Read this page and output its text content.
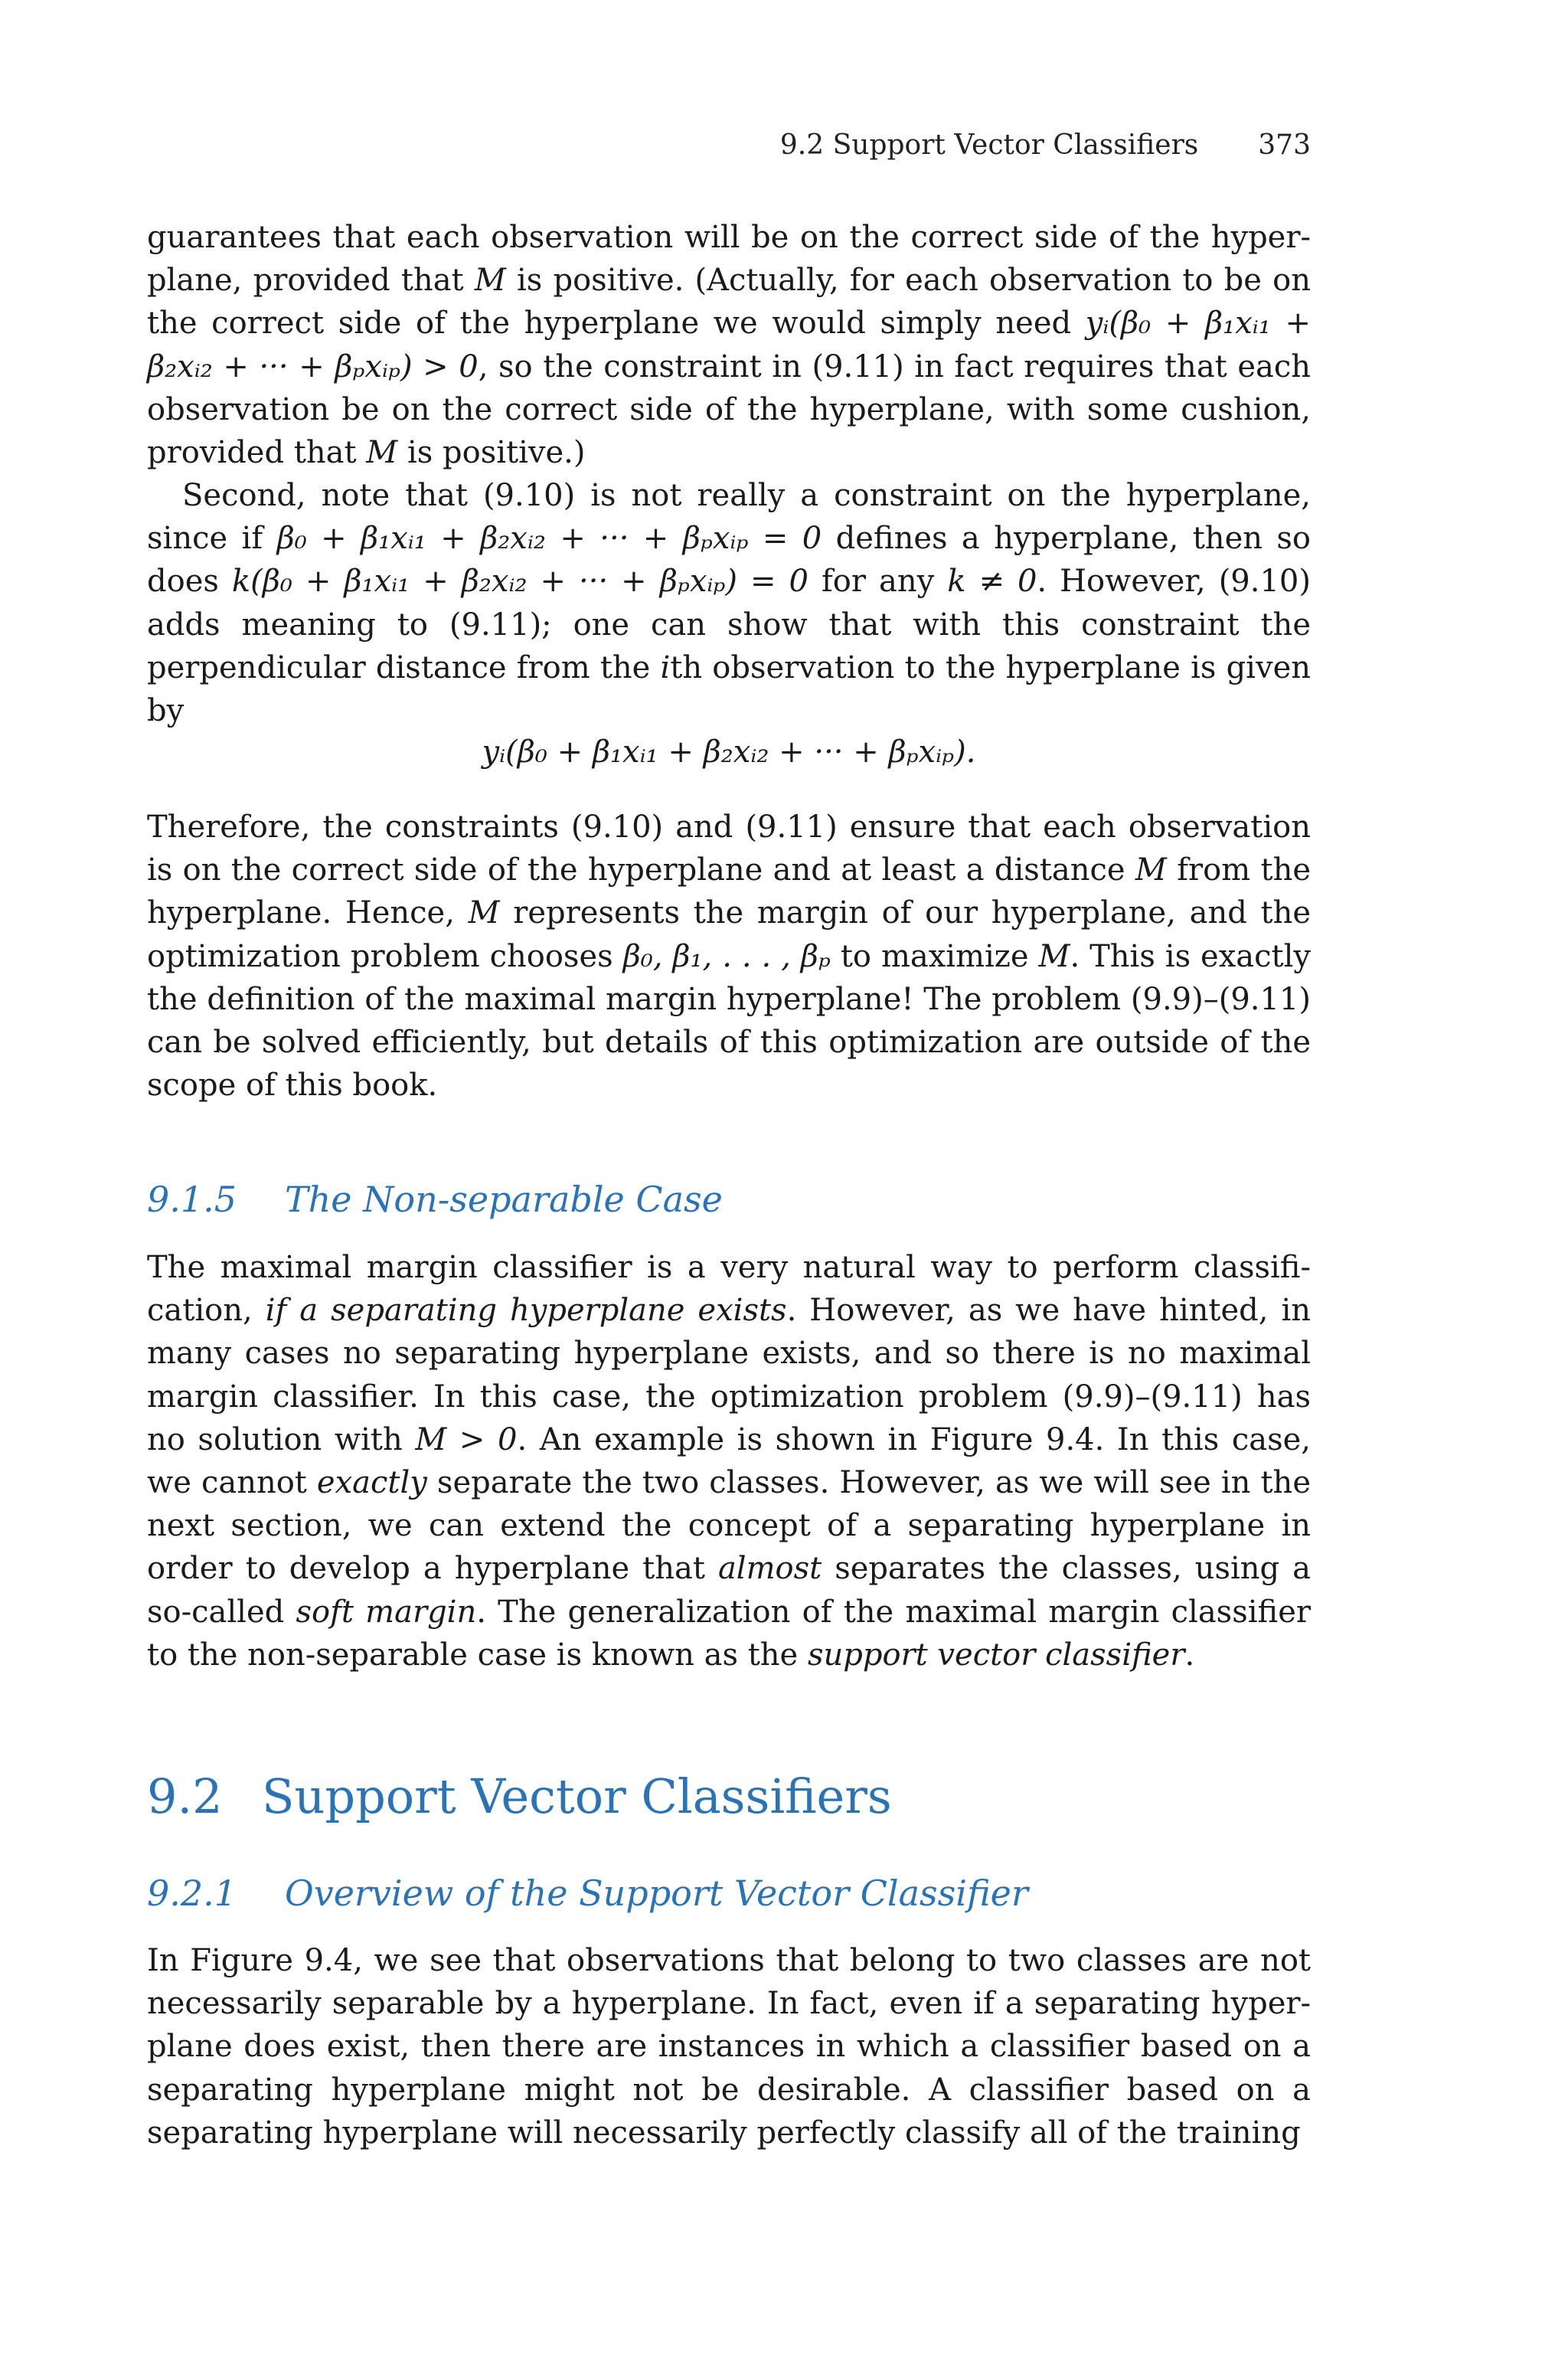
9.2 Support Vector Classifiers 373

guarantees that each observation will be on the correct side of the hyper-plane, provided that M is positive. (Actually, for each observation to be on the correct side of the hyperplane we would simply need yᵢ(β₀ + β₁xᵢ₁ + β₂xᵢ₂ + ··· + βₚxᵢₚ) > 0, so the constraint in (9.11) in fact requires that each observation be on the correct side of the hyperplane, with some cushion, provided that M is positive.)

Second, note that (9.10) is not really a constraint on the hyperplane, since if β₀ + β₁xᵢ₁ + β₂xᵢ₂ + ··· + βₚxᵢₚ = 0 defines a hyperplane, then so does k(β₀ + β₁xᵢ₁ + β₂xᵢ₂ + ··· + βₚxᵢₚ) = 0 for any k ≠ 0. However, (9.10) adds meaning to (9.11); one can show that with this constraint the perpendicular distance from the ith observation to the hyperplane is given by

yᵢ(β₀ + β₁xᵢ₁ + β₂xᵢ₂ + ··· + βₚxᵢₚ).

Therefore, the constraints (9.10) and (9.11) ensure that each observation is on the correct side of the hyperplane and at least a distance M from the hyperplane. Hence, M represents the margin of our hyperplane, and the optimization problem chooses β₀, β₁, . . . , βₚ to maximize M. This is exactly the definition of the maximal margin hyperplane! The problem (9.9)–(9.11) can be solved efficiently, but details of this optimization are outside of the scope of this book.

9.1.5 The Non-separable Case

The maximal margin classifier is a very natural way to perform classifi-cation, if a separating hyperplane exists. However, as we have hinted, in many cases no separating hyperplane exists, and so there is no maximal margin classifier. In this case, the optimization problem (9.9)–(9.11) has no solution with M > 0. An example is shown in Figure 9.4. In this case, we cannot exactly separate the two classes. However, as we will see in the next section, we can extend the concept of a separating hyperplane in order to develop a hyperplane that almost separates the classes, using a so-called soft margin. The generalization of the maximal margin classifier to the non-separable case is known as the support vector classifier.

9.2 Support Vector Classifiers
9.2.1 Overview of the Support Vector Classifier

In Figure 9.4, we see that observations that belong to two classes are not necessarily separable by a hyperplane. In fact, even if a separating hyper-plane does exist, then there are instances in which a classifier based on a separating hyperplane might not be desirable. A classifier based on a separating hyperplane will necessarily perfectly classify all of the training
